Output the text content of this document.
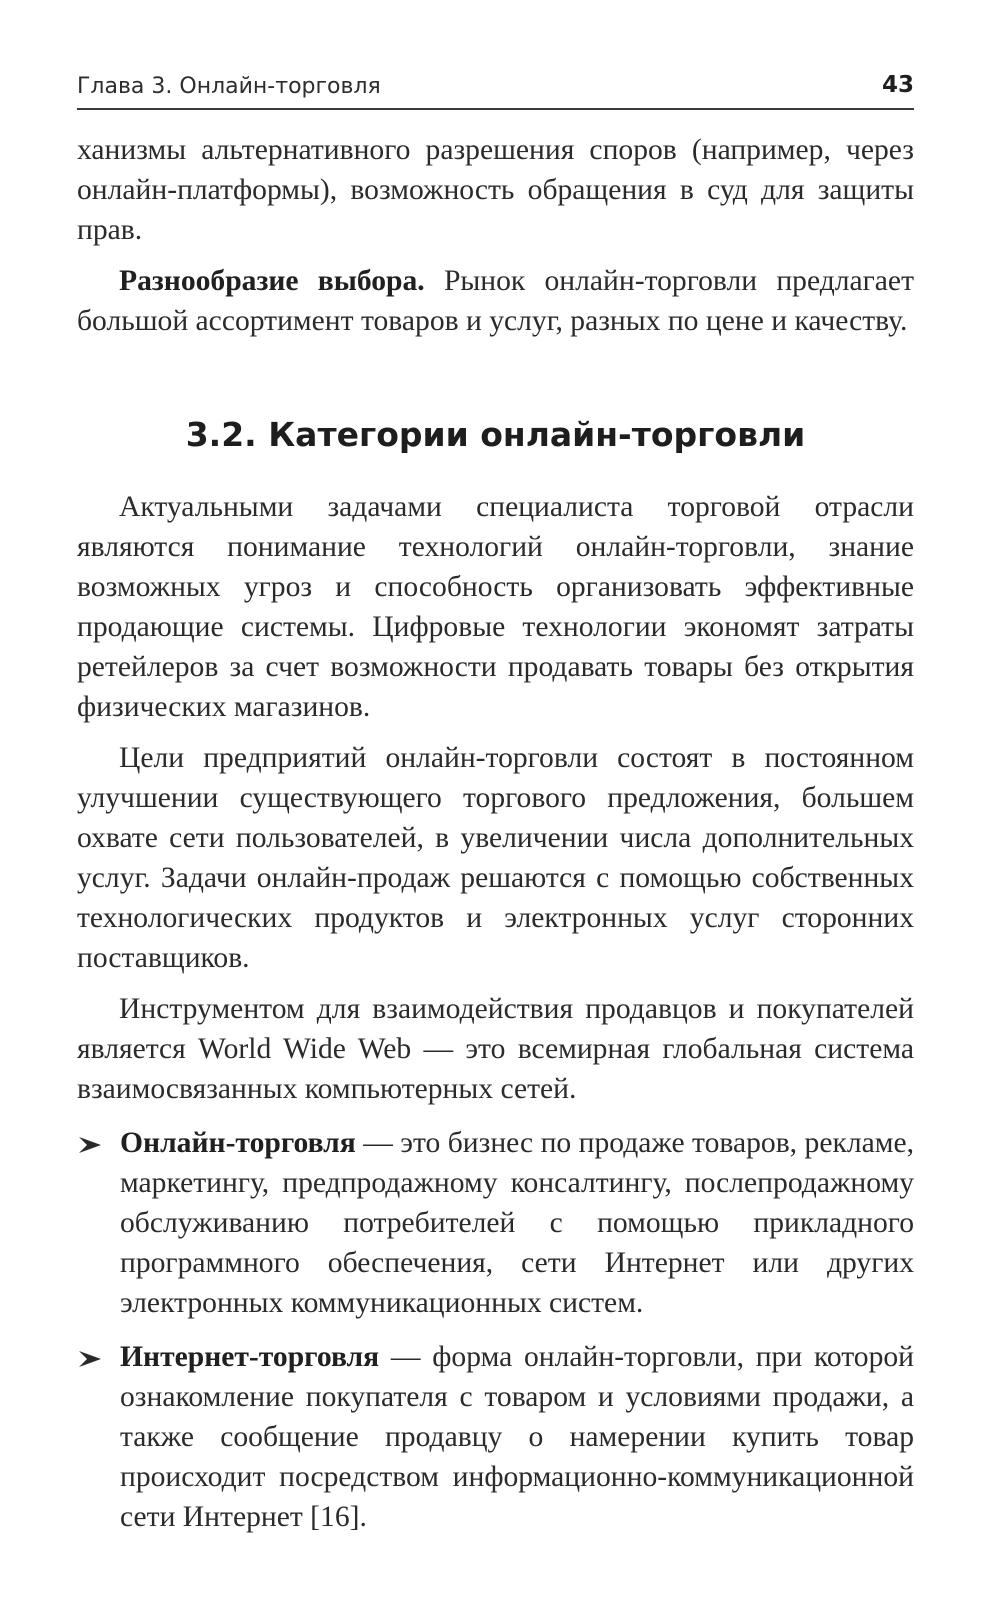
Глава 3. Онлайн-торговля	43

ханизмы альтернативного разрешения споров (например, через онлайн-платформы), возможность обращения в суд для защиты прав.

Разнообразие выбора. Рынок онлайн-торговли предлагает большой ассортимент товаров и услуг, разных по цене и качеству.

3.2. Категории онлайн-торговли

Актуальными задачами специалиста торговой отрасли являются понимание технологий онлайн-торговли, знание возможных угроз и способность организовать эффективные продающие системы. Цифровые технологии экономят затраты ретейлеров за счет возможности продавать товары без открытия физических магазинов.

Цели предприятий онлайн-торговли состоят в постоянном улучшении существующего торгового предложения, большем охвате сети пользователей, в увеличении числа дополнительных услуг. Задачи онлайн-продаж решаются с помощью собственных технологических продуктов и электронных услуг сторонних поставщиков.

Инструментом для взаимодействия продавцов и покупателей является World Wide Web — это всемирная глобальная система взаимосвязанных компьютерных сетей.

Онлайн-торговля — это бизнес по продаже товаров, рекламе, маркетингу, предпродажному консалтингу, послепродажному обслуживанию потребителей с помощью прикладного программного обеспечения, сети Интернет или других электронных коммуникационных систем.

Интернет-торговля — форма онлайн-торговли, при которой ознакомление покупателя с товаром и условиями продажи, а также сообщение продавцу о намерении купить товар происходит посредством информационно-коммуникационной сети Интернет [16].
